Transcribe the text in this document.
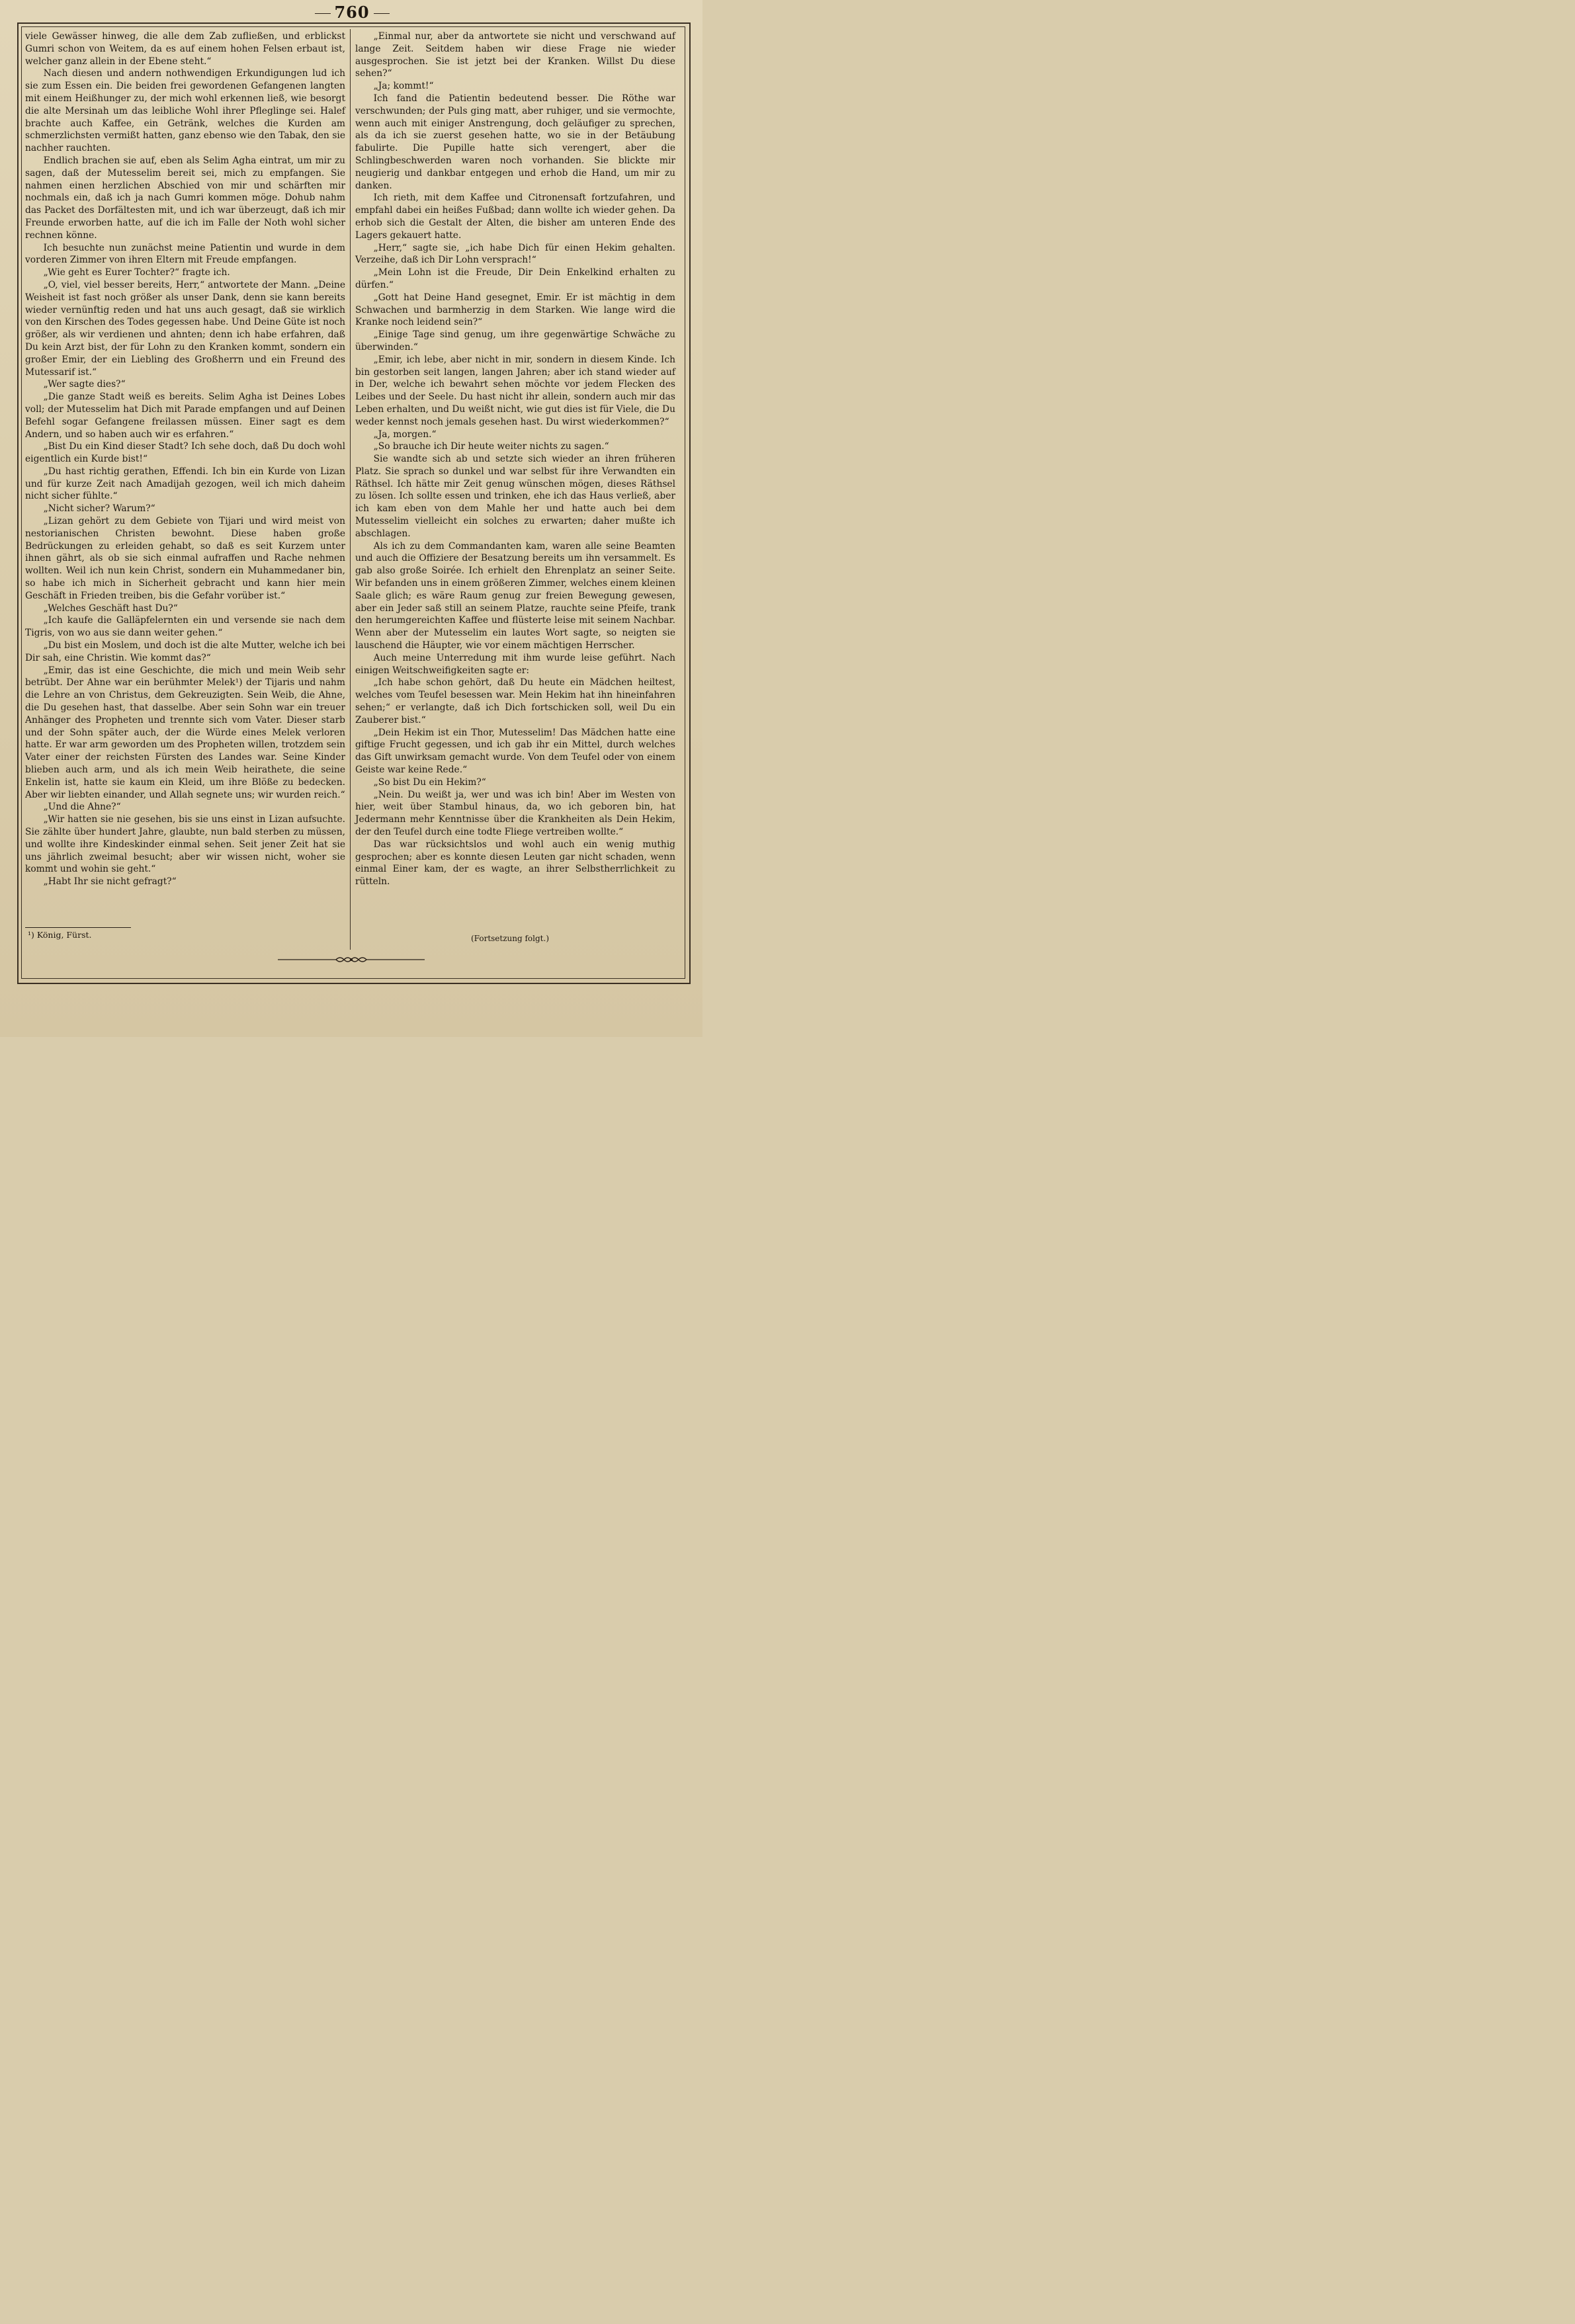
760

viele Gewässer hinweg, die alle dem Zab zufließen, und erblickst Gumri schon von Weitem, da es auf einem hohen Felsen erbaut ist, welcher ganz allein in der Ebene steht.“

Nach diesen und andern nothwendigen Erkundigungen lud ich sie zum Essen ein. Die beiden frei gewordenen Gefangenen langten mit einem Heißhunger zu, der mich wohl erkennen ließ, wie besorgt die alte Mersinah um das leibliche Wohl ihrer Pfleglinge sei. Halef brachte auch Kaffee, ein Getränk, welches die Kurden am schmerzlichsten vermißt hatten, ganz ebenso wie den Tabak, den sie nachher rauchten.

Endlich brachen sie auf, eben als Selim Agha eintrat, um mir zu sagen, daß der Mutesselim bereit sei, mich zu empfangen. Sie nahmen einen herzlichen Abschied von mir und schärften mir nochmals ein, daß ich ja nach Gumri kommen möge. Dohub nahm das Packet des Dorfältesten mit, und ich war überzeugt, daß ich mir Freunde erworben hatte, auf die ich im Falle der Noth wohl sicher rechnen könne.

Ich besuchte nun zunächst meine Patientin und wurde in dem vorderen Zimmer von ihren Eltern mit Freude empfangen.

„Wie geht es Eurer Tochter?“ fragte ich.

„O, viel, viel besser bereits, Herr,“ antwortete der Mann. „Deine Weisheit ist fast noch größer als unser Dank, denn sie kann bereits wieder vernünftig reden und hat uns auch gesagt, daß sie wirklich von den Kirschen des Todes gegessen habe. Und Deine Güte ist noch größer, als wir verdienen und ahnten; denn ich habe erfahren, daß Du kein Arzt bist, der für Lohn zu den Kranken kommt, sondern ein großer Emir, der ein Liebling des Großherrn und ein Freund des Mutessarif ist.“

„Wer sagte dies?“

„Die ganze Stadt weiß es bereits. Selim Agha ist Deines Lobes voll; der Mutesselim hat Dich mit Parade empfangen und auf Deinen Befehl sogar Gefangene freilassen müssen. Einer sagt es dem Andern, und so haben auch wir es erfahren.“

„Bist Du ein Kind dieser Stadt? Ich sehe doch, daß Du doch wohl eigentlich ein Kurde bist!“

„Du hast richtig gerathen, Effendi. Ich bin ein Kurde von Lizan und für kurze Zeit nach Amadijah gezogen, weil ich mich daheim nicht sicher fühlte.“

„Nicht sicher? Warum?“

„Lizan gehört zu dem Gebiete von Tijari und wird meist von nestorianischen Christen bewohnt. Diese haben große Bedrückungen zu erleiden gehabt, so daß es seit Kurzem unter ihnen gährt, als ob sie sich einmal aufraffen und Rache nehmen wollten. Weil ich nun kein Christ, sondern ein Muhammedaner bin, so habe ich mich in Sicherheit gebracht und kann hier mein Geschäft in Frieden treiben, bis die Gefahr vorüber ist.“

„Welches Geschäft hast Du?“

„Ich kaufe die Galläpfelernten ein und versende sie nach dem Tigris, von wo aus sie dann weiter gehen.“

„Du bist ein Moslem, und doch ist die alte Mutter, welche ich bei Dir sah, eine Christin. Wie kommt das?“

„Emir, das ist eine Geschichte, die mich und mein Weib sehr betrübt. Der Ahne war ein berühmter Melek¹) der Tijaris und nahm die Lehre an von Christus, dem Gekreuzigten. Sein Weib, die Ahne, die Du gesehen hast, that dasselbe. Aber sein Sohn war ein treuer Anhänger des Propheten und trennte sich vom Vater. Dieser starb und der Sohn später auch, der die Würde eines Melek verloren hatte. Er war arm geworden um des Propheten willen, trotzdem sein Vater einer der reichsten Fürsten des Landes war. Seine Kinder blieben auch arm, und als ich mein Weib heirathete, die seine Enkelin ist, hatte sie kaum ein Kleid, um ihre Blöße zu bedecken. Aber wir liebten einander, und Allah segnete uns; wir wurden reich.“

„Und die Ahne?“

„Wir hatten sie nie gesehen, bis sie uns einst in Lizan aufsuchte. Sie zählte über hundert Jahre, glaubte, nun bald sterben zu müssen, und wollte ihre Kindeskinder einmal sehen. Seit jener Zeit hat sie uns jährlich zweimal besucht; aber wir wissen nicht, woher sie kommt und wohin sie geht.“

„Habt Ihr sie nicht gefragt?“

„Einmal nur, aber da antwortete sie nicht und verschwand auf lange Zeit. Seitdem haben wir diese Frage nie wieder ausgesprochen. Sie ist jetzt bei der Kranken. Willst Du diese sehen?“

„Ja; kommt!“

Ich fand die Patientin bedeutend besser. Die Röthe war verschwunden; der Puls ging matt, aber ruhiger, und sie vermochte, wenn auch mit einiger Anstrengung, doch geläufiger zu sprechen, als da ich sie zuerst gesehen hatte, wo sie in der Betäubung fabulirte. Die Pupille hatte sich verengert, aber die Schlingbeschwerden waren noch vorhanden. Sie blickte mir neugierig und dankbar entgegen und erhob die Hand, um mir zu danken.

Ich rieth, mit dem Kaffee und Citronensaft fortzufahren, und empfahl dabei ein heißes Fußbad; dann wollte ich wieder gehen. Da erhob sich die Gestalt der Alten, die bisher am unteren Ende des Lagers gekauert hatte.

„Herr,“ sagte sie, „ich habe Dich für einen Hekim gehalten. Verzeihe, daß ich Dir Lohn versprach!“

„Mein Lohn ist die Freude, Dir Dein Enkelkind erhalten zu dürfen.“

„Gott hat Deine Hand gesegnet, Emir. Er ist mächtig in dem Schwachen und barmherzig in dem Starken. Wie lange wird die Kranke noch leidend sein?“

„Einige Tage sind genug, um ihre gegenwärtige Schwäche zu überwinden.“

„Emir, ich lebe, aber nicht in mir, sondern in diesem Kinde. Ich bin gestorben seit langen, langen Jahren; aber ich stand wieder auf in Der, welche ich bewahrt sehen möchte vor jedem Flecken des Leibes und der Seele. Du hast nicht ihr allein, sondern auch mir das Leben erhalten, und Du weißt nicht, wie gut dies ist für Viele, die Du weder kennst noch jemals gesehen hast. Du wirst wiederkommen?“

„Ja, morgen.“

„So brauche ich Dir heute weiter nichts zu sagen.“

Sie wandte sich ab und setzte sich wieder an ihren früheren Platz. Sie sprach so dunkel und war selbst für ihre Verwandten ein Räthsel. Ich hätte mir Zeit genug wünschen mögen, dieses Räthsel zu lösen. Ich sollte essen und trinken, ehe ich das Haus verließ, aber ich kam eben von dem Mahle her und hatte auch bei dem Mutesselim vielleicht ein solches zu erwarten; daher mußte ich abschlagen.

Als ich zu dem Commandanten kam, waren alle seine Beamten und auch die Offiziere der Besatzung bereits um ihn versammelt. Es gab also große Soirée. Ich erhielt den Ehrenplatz an seiner Seite. Wir befanden uns in einem größeren Zimmer, welches einem kleinen Saale glich; es wäre Raum genug zur freien Bewegung gewesen, aber ein Jeder saß still an seinem Platze, rauchte seine Pfeife, trank den herumgereichten Kaffee und flüsterte leise mit seinem Nachbar. Wenn aber der Mutesselim ein lautes Wort sagte, so neigten sie lauschend die Häupter, wie vor einem mächtigen Herrscher.

Auch meine Unterredung mit ihm wurde leise geführt. Nach einigen Weitschweifigkeiten sagte er:

„Ich habe schon gehört, daß Du heute ein Mädchen heiltest, welches vom Teufel besessen war. Mein Hekim hat ihn hineinfahren sehen;“ er verlangte, daß ich Dich fortschicken soll, weil Du ein Zauberer bist.“

„Dein Hekim ist ein Thor, Mutesselim! Das Mädchen hatte eine giftige Frucht gegessen, und ich gab ihr ein Mittel, durch welches das Gift unwirksam gemacht wurde. Von dem Teufel oder von einem Geiste war keine Rede.“

„So bist Du ein Hekim?“

„Nein. Du weißt ja, wer und was ich bin! Aber im Westen von hier, weit über Stambul hinaus, da, wo ich geboren bin, hat Jedermann mehr Kenntnisse über die Krankheiten als Dein Hekim, der den Teufel durch eine todte Fliege vertreiben wollte.“

Das war rücksichtslos und wohl auch ein wenig muthig gesprochen; aber es konnte diesen Leuten gar nicht schaden, wenn einmal Einer kam, der es wagte, an ihrer Selbstherrlichkeit zu rütteln.

¹) König, Fürst.	(Fortsetzung folgt.)
